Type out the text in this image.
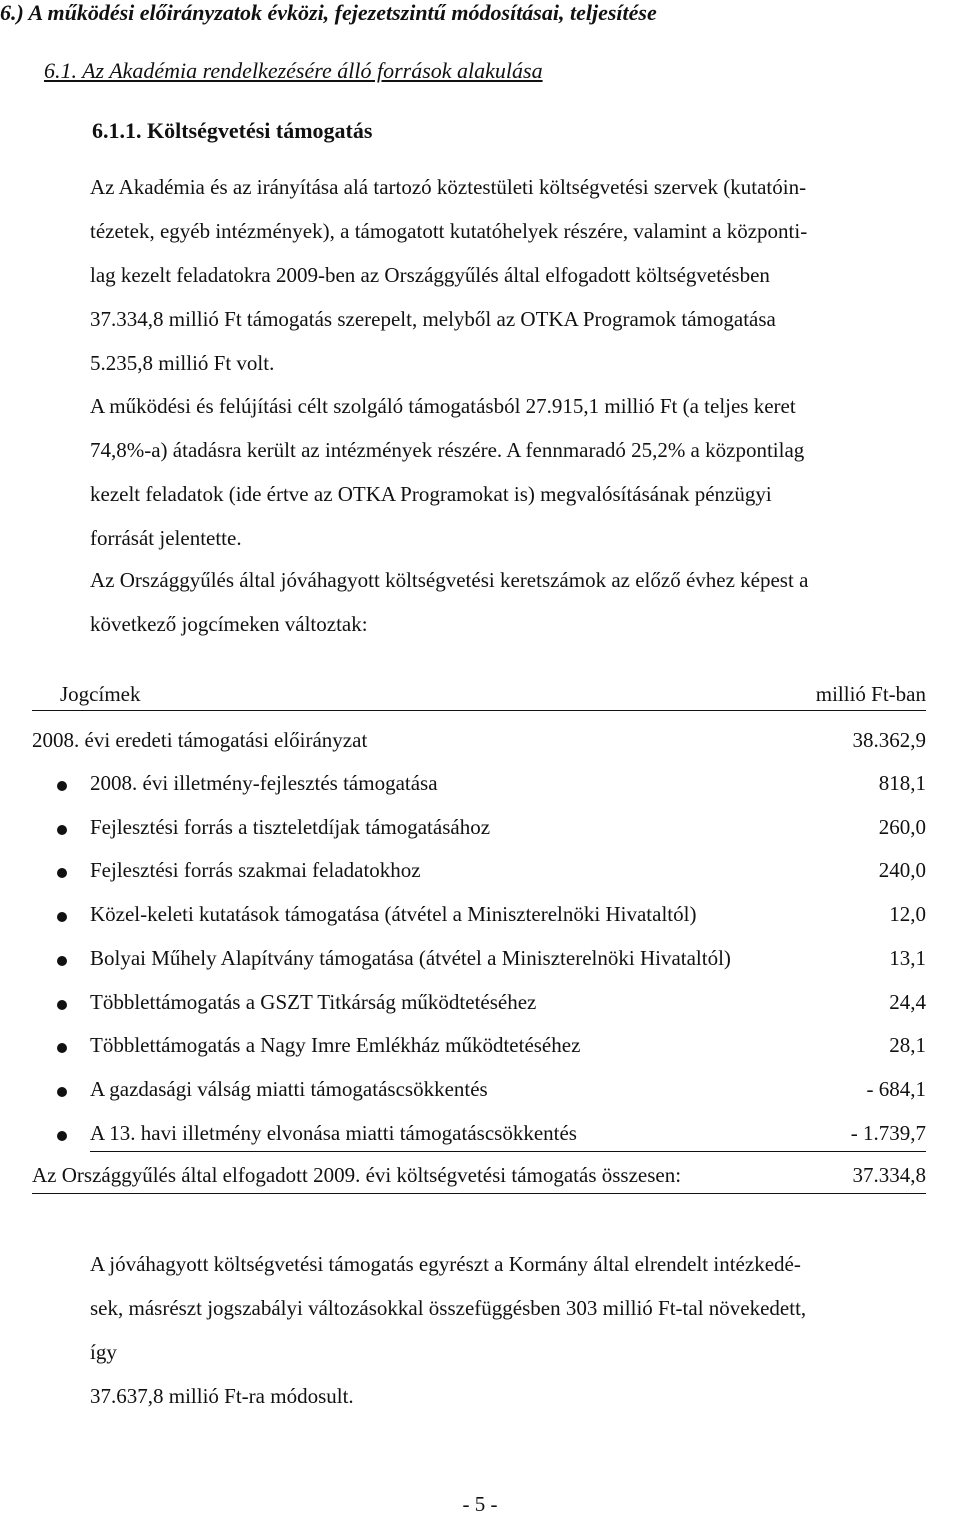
6.) A működési előirányzatok évközi, fejezetszintű módosításai, teljesítése
6.1. Az Akadémia rendelkezésére álló források alakulása
6.1.1. Költségvetési támogatás
Az Akadémia és az irányítása alá tartozó köztestületi költségvetési szervek (kutatóin-
tézetek, egyéb intézmények), a támogatott kutatóhelyek részére, valamint a központi-
lag kezelt feladatokra 2009-ben az Országgyűlés által elfogadott költségvetésben
37.334,8 millió Ft támogatás szerepelt, melyből az OTKA Programok támogatása
5.235,8 millió Ft volt.
A működési és felújítási célt szolgáló támogatásból 27.915,1 millió Ft (a teljes keret
74,8%-a) átadásra került az intézmények részére. A fennmaradó 25,2% a központilag
kezelt feladatok (ide értve az OTKA Programokat is) megvalósításának pénzügyi
forrását jelentette.
Az Országgyűlés által jóváhagyott költségvetési keretszámok az előző évhez képest a
következő jogcímeken változtak:
Jogcímek	millió Ft-ban
2008. évi eredeti támogatási előirányzat	38.362,9
2008. évi illetmény-fejlesztés támogatása	818,1
Fejlesztési forrás a tiszteletdíjak támogatásához	260,0
Fejlesztési forrás szakmai feladatokhoz	240,0
Közel-keleti kutatások támogatása (átvétel a Miniszterelnöki Hivataltól)	12,0
Bolyai Műhely Alapítvány támogatása (átvétel a Miniszterelnöki Hivataltól)	13,1
Többlettámogatás a GSZT Titkárság működtetéséhez	24,4
Többlettámogatás a Nagy Imre Emlékház működtetéséhez	28,1
A gazdasági válság miatti támogatáscsökkentés	- 684,1
A 13. havi illetmény elvonása miatti támogatáscsökkentés	- 1.739,7
Az Országgyűlés által elfogadott 2009. évi költségvetési támogatás összesen:	37.334,8
A jóváhagyott költségvetési támogatás egyrészt a Kormány által elrendelt intézkedé-
sek, másrészt jogszabályi változásokkal összefüggésben 303 millió Ft-tal növekedett,
így
37.637,8 millió Ft-ra módosult.
- 5 -
